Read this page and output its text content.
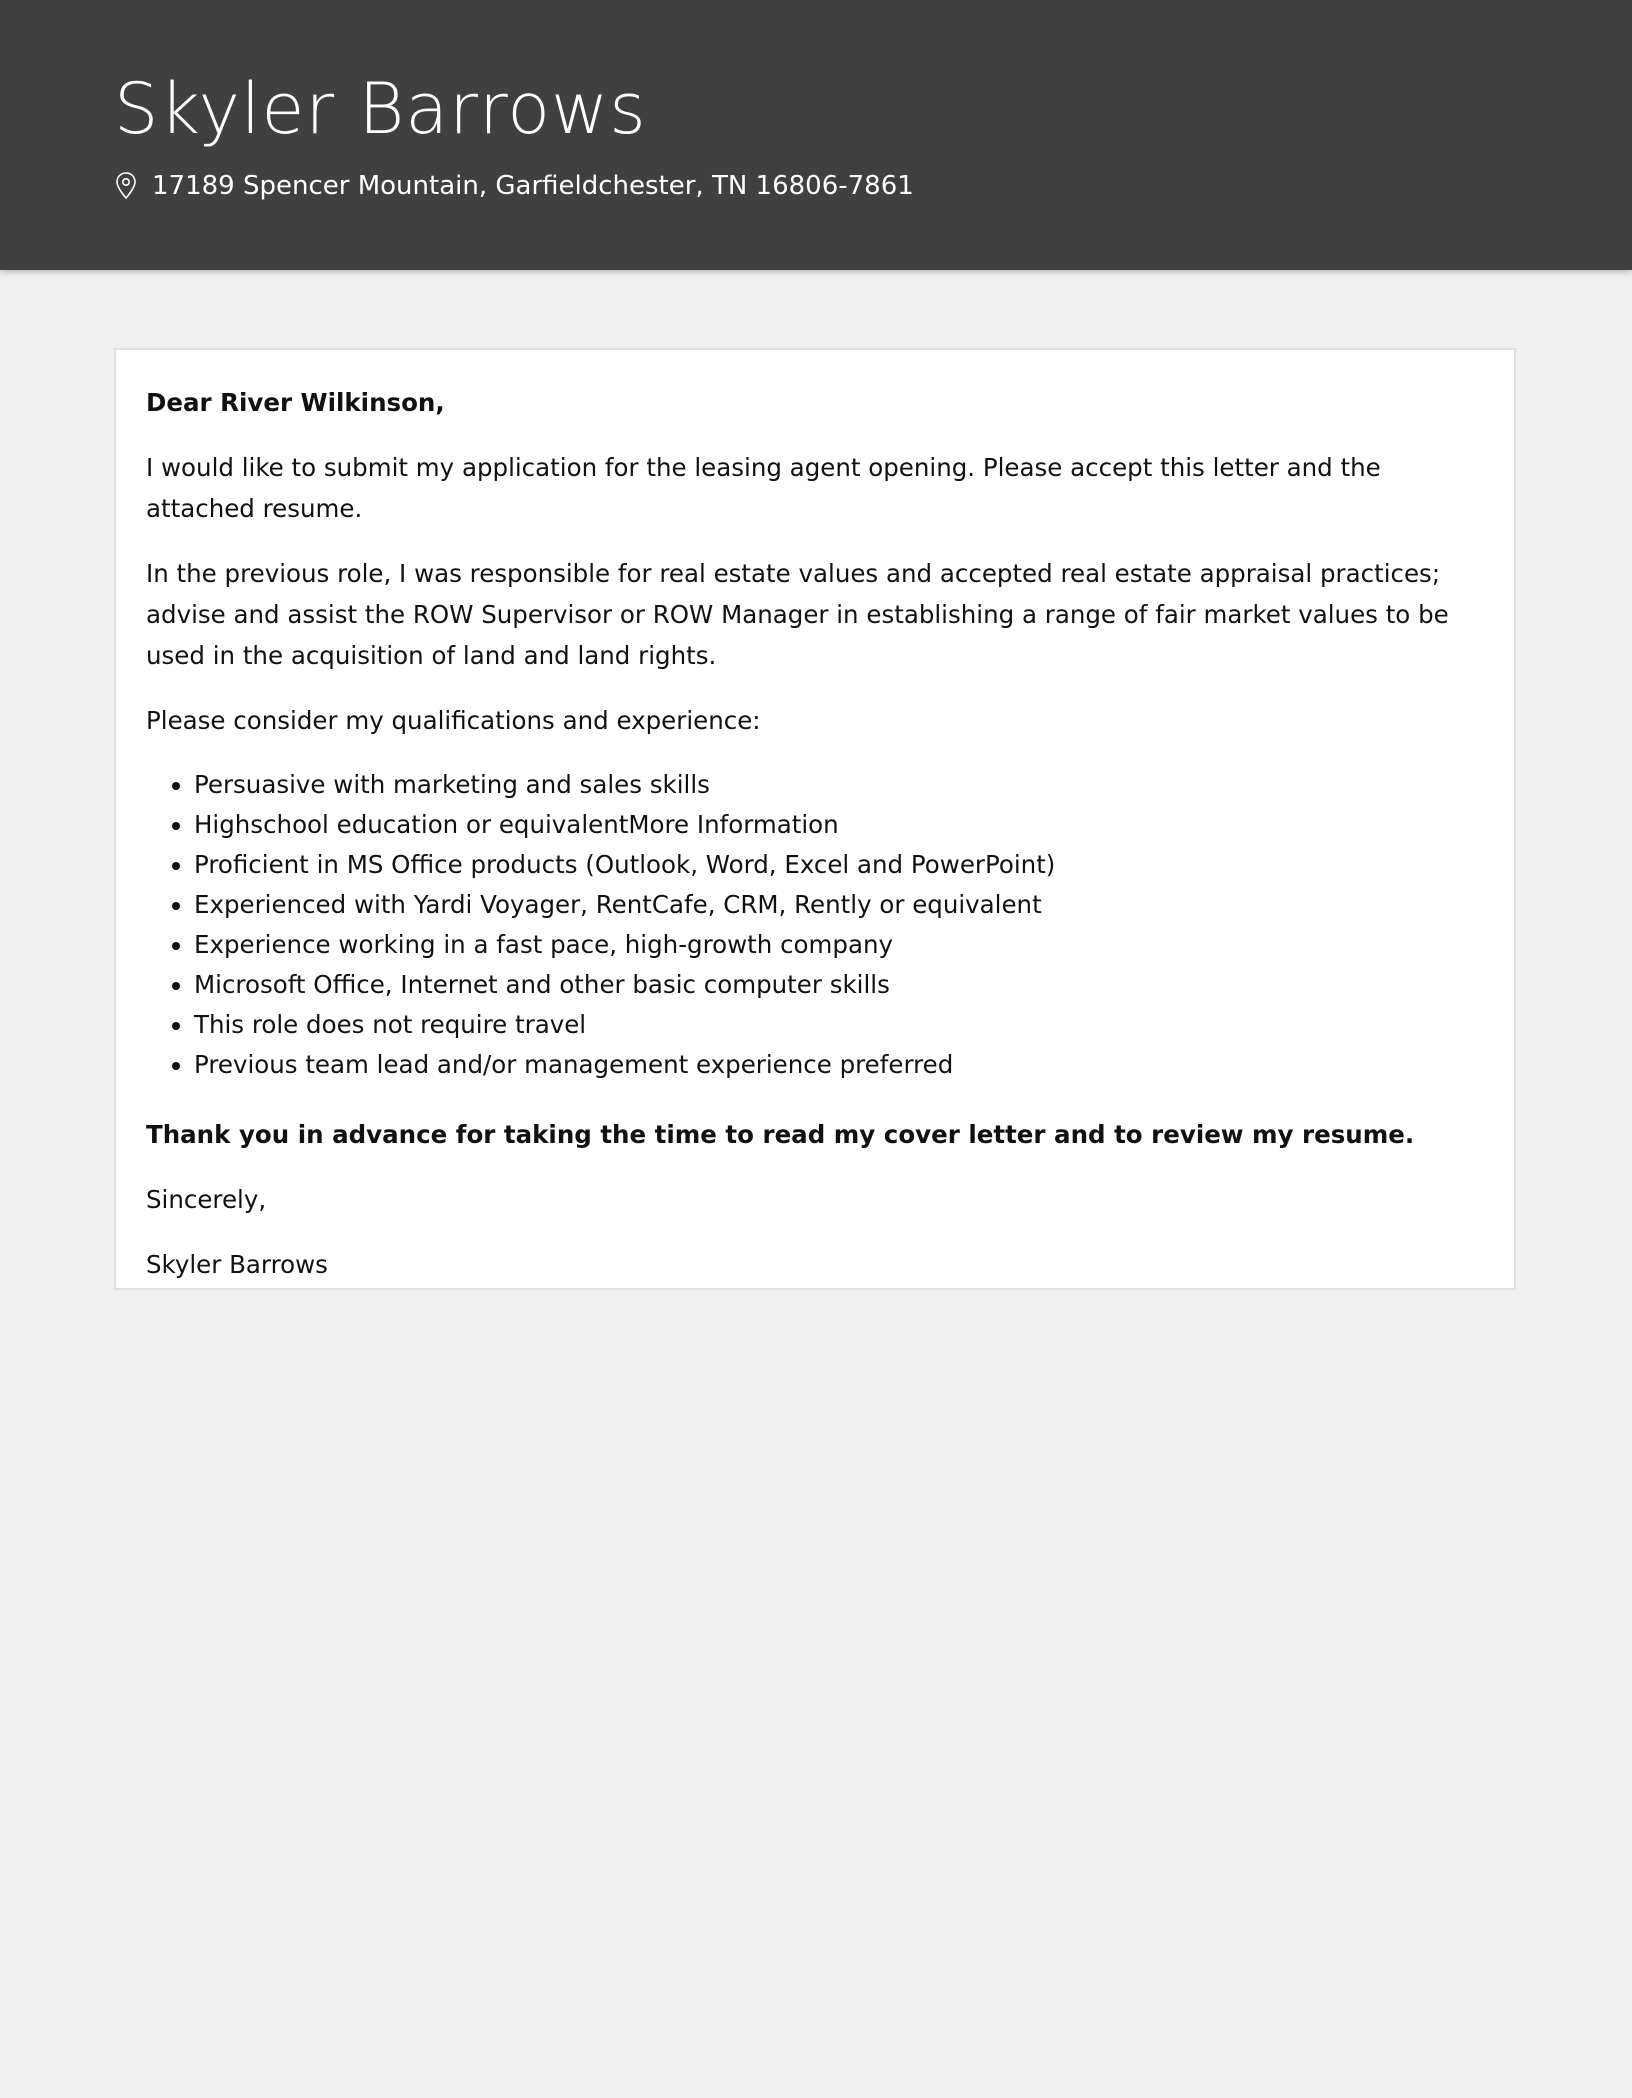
Skyler Barrows
17189 Spencer Mountain, Garfieldchester, TN 16806-7861

Dear River Wilkinson,

I would like to submit my application for the leasing agent opening. Please accept this letter and the attached resume.

In the previous role, I was responsible for real estate values and accepted real estate appraisal practices; advise and assist the ROW Supervisor or ROW Manager in establishing a range of fair market values to be used in the acquisition of land and land rights.

Please consider my qualifications and experience:

• Persuasive with marketing and sales skills
• Highschool education or equivalentMore Information
• Proficient in MS Office products (Outlook, Word, Excel and PowerPoint)
• Experienced with Yardi Voyager, RentCafe, CRM, Rently or equivalent
• Experience working in a fast pace, high-growth company
• Microsoft Office, Internet and other basic computer skills
• This role does not require travel
• Previous team lead and/or management experience preferred

Thank you in advance for taking the time to read my cover letter and to review my resume.

Sincerely,

Skyler Barrows
